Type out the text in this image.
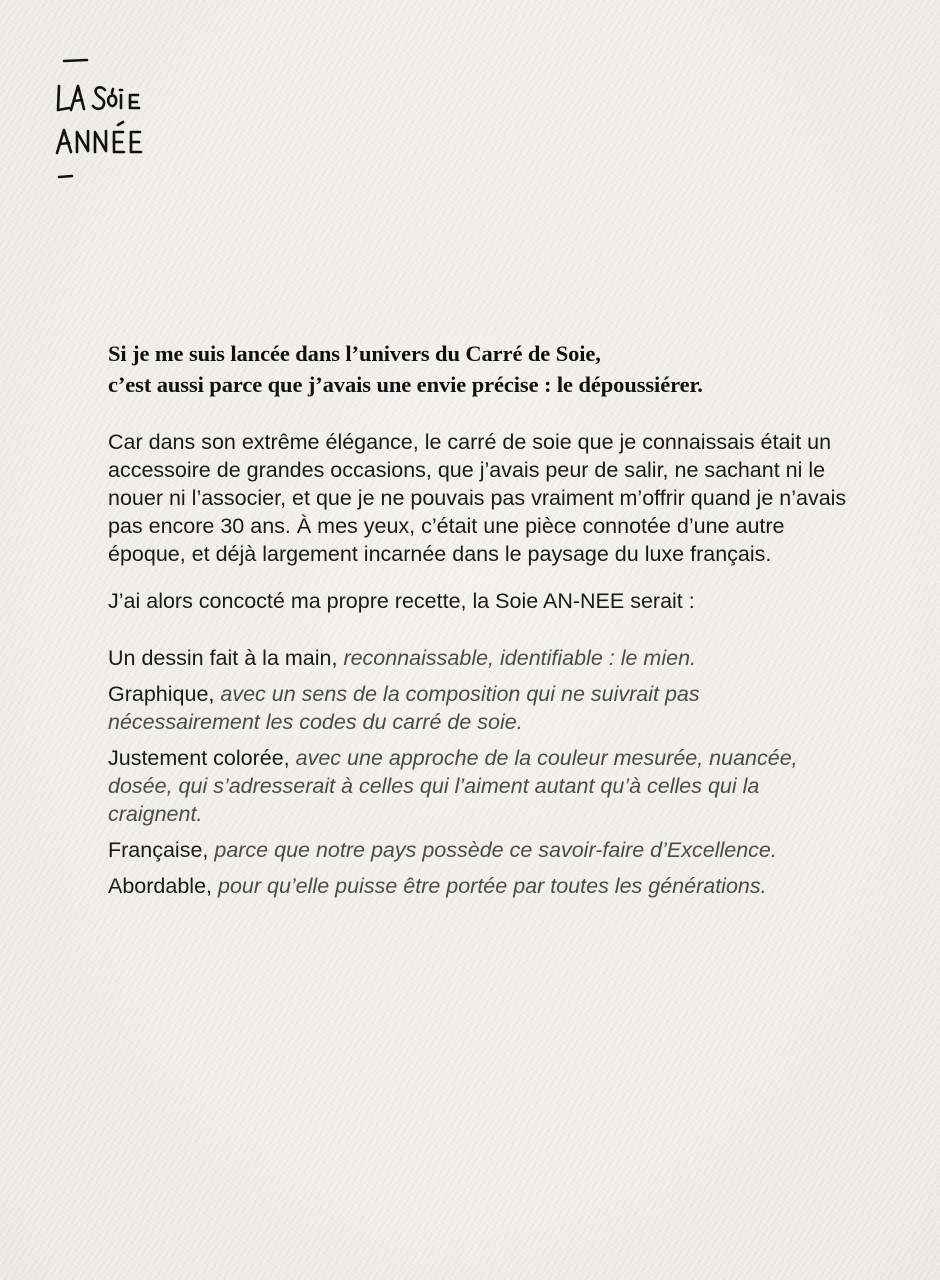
Si je me suis lancée dans l’univers du Carré de Soie,
c’est aussi parce que j’avais une envie précise : le dépoussiérer.

Car dans son extrême élégance, le carré de soie que je connaissais était un accessoire de grandes occasions, que j’avais peur de salir, ne sachant ni le nouer ni l’associer, et que je ne pouvais pas vraiment m’offrir quand je n’avais pas encore 30 ans. À mes yeux, c’était une pièce connotée d’une autre époque, et déjà largement incarnée dans le paysage du luxe français.

J’ai alors concocté ma propre recette, la Soie AN-NEE serait :

Un dessin fait à la main, reconnaissable, identifiable : le mien.
Graphique, avec un sens de la composition qui ne suivrait pas nécessairement les codes du carré de soie.
Justement colorée, avec une approche de la couleur mesurée, nuancée, dosée, qui s’adresserait à celles qui l’aiment autant qu’à celles qui la craignent.
Française, parce que notre pays possède ce savoir-faire d’Excellence.
Abordable, pour qu’elle puisse être portée par toutes les générations.
